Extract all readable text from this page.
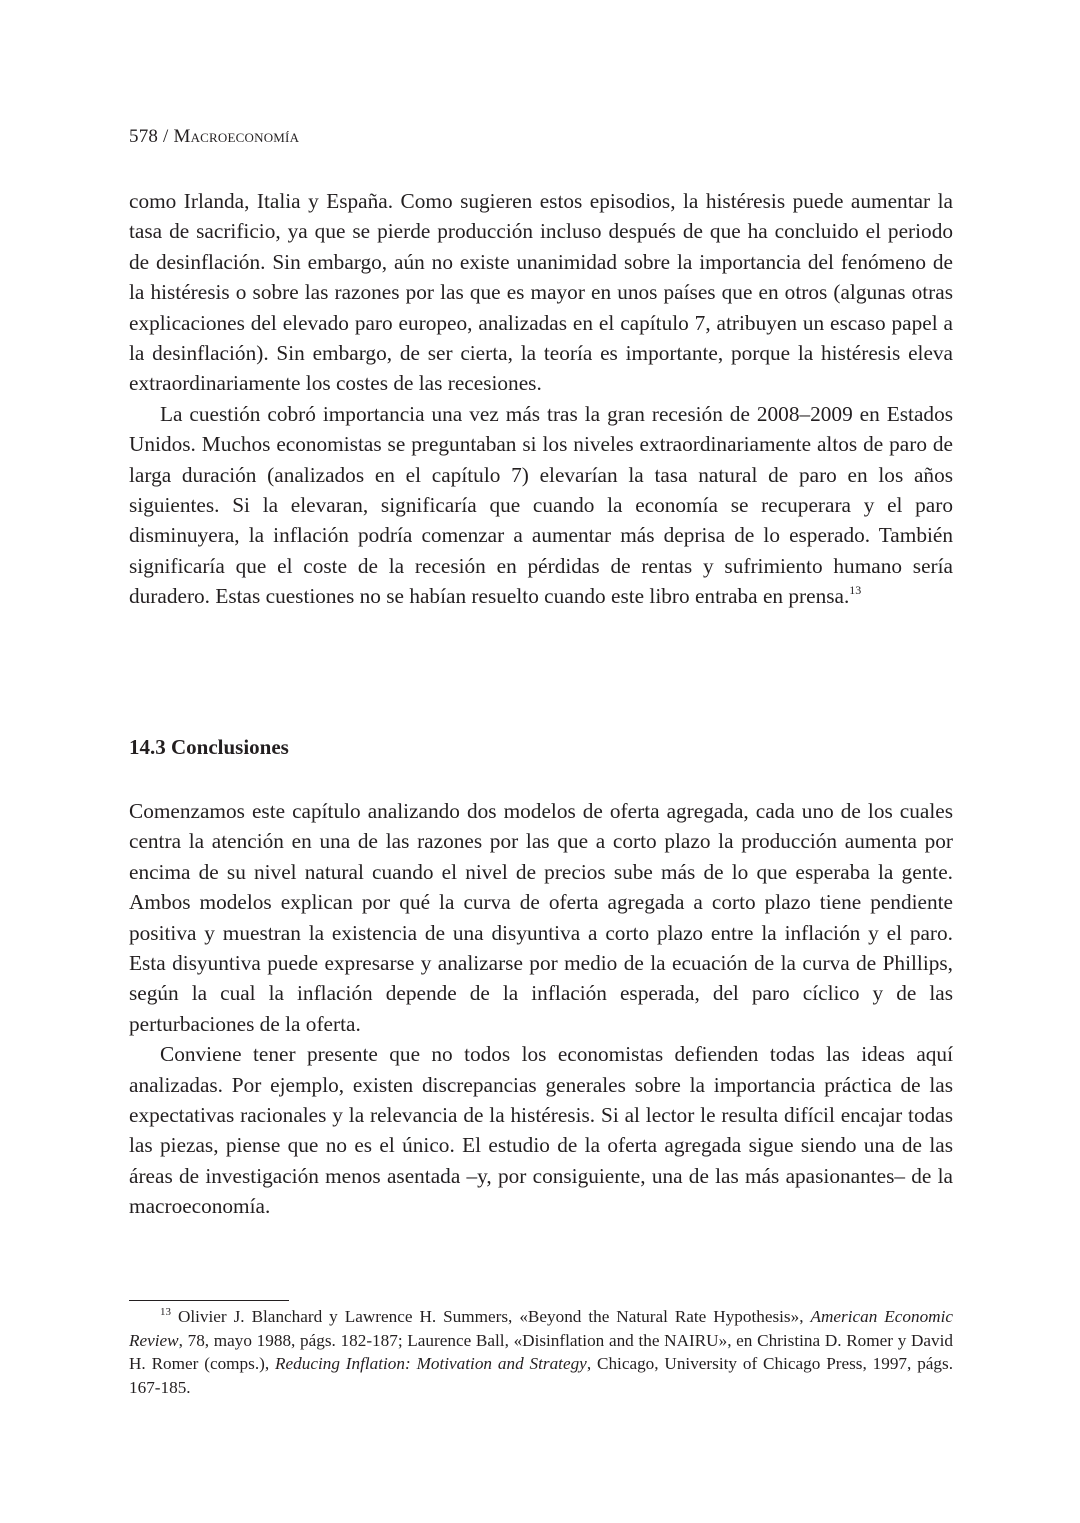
578 / Macroeconomía

como Irlanda, Italia y España. Como sugieren estos episodios, la histéresis puede aumentar la tasa de sacrificio, ya que se pierde producción incluso después de que ha concluido el periodo de desinflación. Sin embargo, aún no existe unanimidad sobre la importancia del fenómeno de la histéresis o sobre las razones por las que es mayor en unos países que en otros (algunas otras explicaciones del elevado paro europeo, analizadas en el capítulo 7, atribuyen un escaso papel a la desinflación). Sin embargo, de ser cierta, la teoría es importante, porque la histéresis eleva extraordinariamente los costes de las recesiones.

La cuestión cobró importancia una vez más tras la gran recesión de 2008–2009 en Estados Unidos. Muchos economistas se preguntaban si los niveles extraordinariamente altos de paro de larga duración (analizados en el capítulo 7) elevarían la tasa natural de paro en los años siguientes. Si la elevaran, significaría que cuando la economía se recuperara y el paro disminuyera, la inflación podría comenzar a aumentar más deprisa de lo esperado. También significaría que el coste de la recesión en pérdidas de rentas y sufrimiento humano sería duradero. Estas cuestiones no se habían resuelto cuando este libro entraba en prensa.$^{13}$

14.3 Conclusiones

Comenzamos este capítulo analizando dos modelos de oferta agregada, cada uno de los cuales centra la atención en una de las razones por las que a corto plazo la producción aumenta por encima de su nivel natural cuando el nivel de precios sube más de lo que esperaba la gente. Ambos modelos explican por qué la curva de oferta agregada a corto plazo tiene pendiente positiva y muestran la existencia de una disyuntiva a corto plazo entre la inflación y el paro. Esta disyuntiva puede expresarse y analizarse por medio de la ecuación de la curva de Phillips, según la cual la inflación depende de la inflación esperada, del paro cíclico y de las perturbaciones de la oferta.

Conviene tener presente que no todos los economistas defienden todas las ideas aquí analizadas. Por ejemplo, existen discrepancias generales sobre la importancia práctica de las expectativas racionales y la relevancia de la histéresis. Si al lector le resulta difícil encajar todas las piezas, piense que no es el único. El estudio de la oferta agregada sigue siendo una de las áreas de investigación menos asentada –y, por consiguiente, una de las más apasionantes– de la macroeconomía.

$^{13}$ Olivier J. Blanchard y Lawrence H. Summers, «Beyond the Natural Rate Hypothesis», American Economic Review, 78, mayo 1988, págs. 182-187; Laurence Ball, «Disinflation and the NAIRU», en Christina D. Romer y David H. Romer (comps.), Reducing Inflation: Motivation and Strategy, Chicago, University of Chicago Press, 1997, págs. 167-185.
